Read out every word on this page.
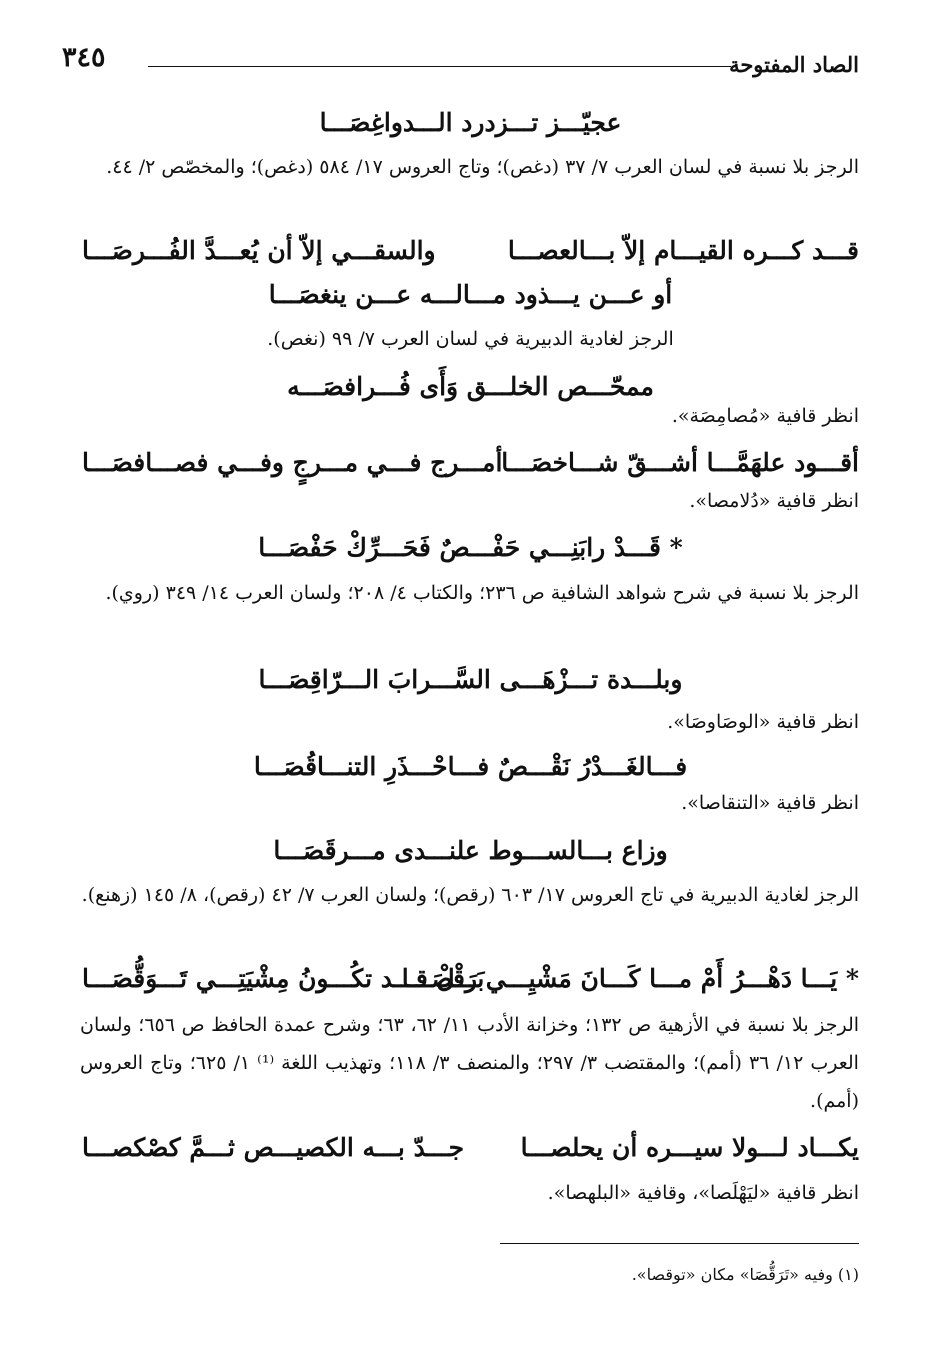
الصاد المفتوحة
٣٤٥
عجيّـــز تـــزدرد الـــدواغِصَـــا
الرجز بلا نسبة في لسان العرب ٧/ ٣٧ (دغص)؛ وتاج العروس ١٧/ ٥٨٤ (دغص)؛ والمخصّص ٢/ ٤٤.
قـــد كـــره القيـــام إلاّ بـــالعصـــا
والسقـــي إلاّ أن يُعـــدَّ الفُـــرصَـــا
أو عـــن يـــذود مـــالـــه عـــن ينغصَـــا
الرجز لغادية الدبيرية في لسان العرب ٧/ ٩٩ (نغص).
ممحّـــص الخلـــق وَأَى فُـــرافصَـــه
انظر قافية «مُصامِصَة».
أقـــود علهَمَّـــا أشـــقّ شـــاخصَـــا
أمـــرج فـــي مـــرجٍ وفـــي فصـــافصَـــا
انظر قافية «دُلامصا».
* قَـــدْ رابَنِـــي حَفْـــصٌ فَحَـــرِّكْ حَفْصَـــا
الرجز بلا نسبة في شرح شواهد الشافية ص ٢٣٦؛ والكتاب ٤/ ٢٠٨؛ ولسان العرب ١٤/ ٣٤٩ (روي).
وبلـــدة تـــزْهَـــى السَّـــرابَ الـــرّاقِصَـــا
انظر قافية «الوصَاوصَا».
فـــالغَـــدْرُ نَقْـــصٌ فـــاحْـــذَرِ التنـــاقُصَـــا
انظر قافية «التنقاصا».
وزاع بـــالســـوط علنـــدى مـــرقَصَـــا
الرجز لغادية الدبيرية في تاج العروس ١٧/ ٦٠٣ (رقص)؛ ولسان العرب ٧/ ٤٢ (رقص)، ٨/ ١٤٥ (زهنع).
* يَـــا دَهْـــرُ أَمْ مـــا كَـــانَ مَشْيِـــي رَقْصَـــا
بَـــلْ قـــد تكُـــونُ مِشْيَتِـــي تَـــوَقُّصَـــا
الرجز بلا نسبة في الأزهية ص ١٣٢؛ وخزانة الأدب ١١/ ٦٢، ٦٣؛ وشرح عمدة الحافظ ص ٦٥٦؛ ولسان العرب ١٢/ ٣٦ (أمم)؛ والمقتضب ٣/ ٢٩٧؛ والمنصف ٣/ ١١٨؛ وتهذيب اللغة ⁽¹⁾ ١/ ٦٢٥؛ وتاج العروس (أمم).
يكـــاد لـــولا سيـــره أن يحلصـــا
جـــدّ بـــه الكصيـــص ثـــمَّ كصْكصـــا
انظر قافية «ليَهْلَصا»، وقافية «البلهصا».
(١) وفيه «تَرَقُّصَا» مكان «توقصا».
